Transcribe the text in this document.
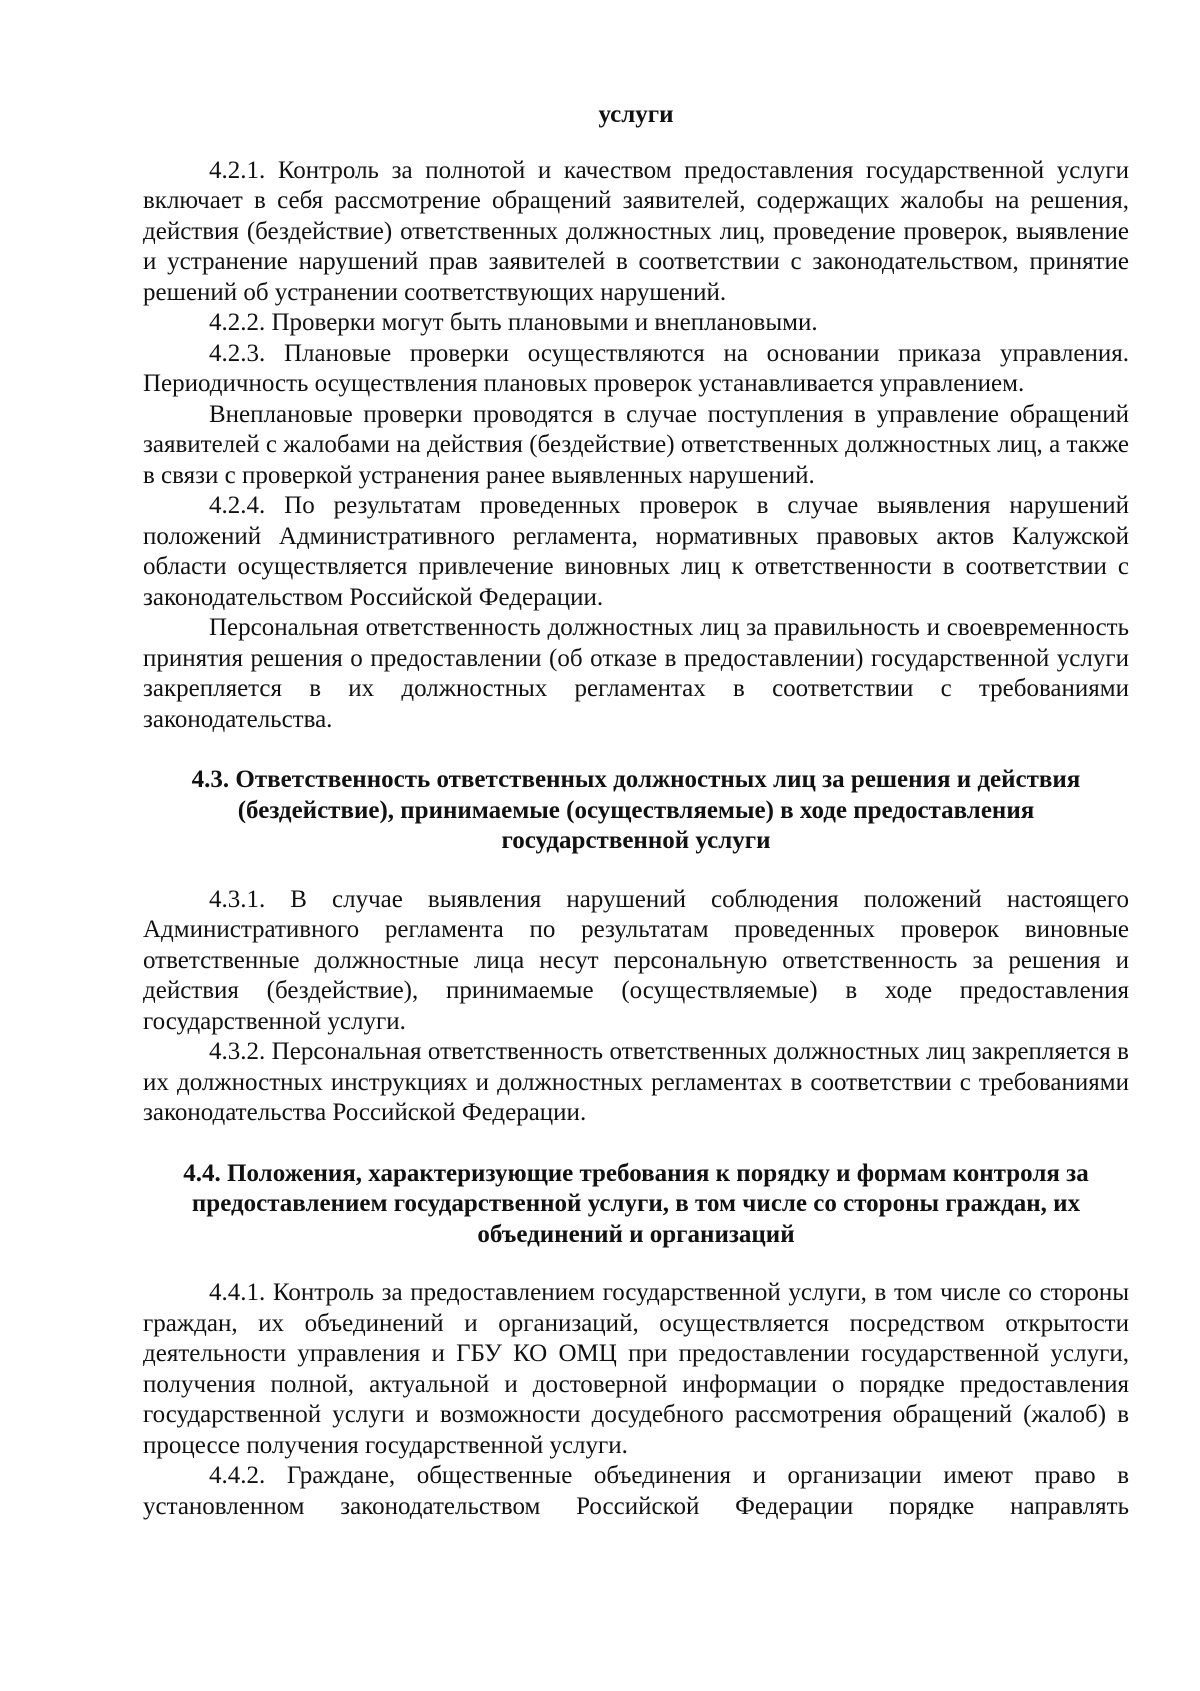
услуги

4.2.1. Контроль за полнотой и качеством предоставления государственной услуги включает в себя рассмотрение обращений заявителей, содержащих жалобы на решения, действия (бездействие) ответственных должностных лиц, проведение проверок, выявление и устранение нарушений прав заявителей в соответствии с законодательством, принятие решений об устранении соответствующих нарушений.

4.2.2. Проверки могут быть плановыми и внеплановыми.

4.2.3. Плановые проверки осуществляются на основании приказа управления. Периодичность осуществления плановых проверок устанавливается управлением.

Внеплановые проверки проводятся в случае поступления в управление обращений заявителей с жалобами на действия (бездействие) ответственных должностных лиц, а также в связи с проверкой устранения ранее выявленных нарушений.

4.2.4. По результатам проведенных проверок в случае выявления нарушений положений Административного регламента, нормативных правовых актов Калужской области осуществляется привлечение виновных лиц к ответственности в соответствии с законодательством Российской Федерации.

Персональная ответственность должностных лиц за правильность и своевременность принятия решения о предоставлении (об отказе в предоставлении) государственной услуги закрепляется в их должностных регламентах в соответствии с требованиями законодательства.

4.3. Ответственность ответственных должностных лиц за решения и действия (бездействие), принимаемые (осуществляемые) в ходе предоставления государственной услуги

4.3.1. В случае выявления нарушений соблюдения положений настоящего Административного регламента по результатам проведенных проверок виновные ответственные должностные лица несут персональную ответственность за решения и действия (бездействие), принимаемые (осуществляемые) в ходе предоставления государственной услуги.

4.3.2. Персональная ответственность ответственных должностных лиц закрепляется в их должностных инструкциях и должностных регламентах в соответствии с требованиями законодательства Российской Федерации.

4.4. Положения, характеризующие требования к порядку и формам контроля за предоставлением государственной услуги, в том числе со стороны граждан, их объединений и организаций

4.4.1. Контроль за предоставлением государственной услуги, в том числе со стороны граждан, их объединений и организаций, осуществляется посредством открытости деятельности управления и ГБУ КО ОМЦ при предоставлении государственной услуги, получения полной, актуальной и достоверной информации о порядке предоставления государственной услуги и возможности досудебного рассмотрения обращений (жалоб) в процессе получения государственной услуги.

4.4.2. Граждане, общественные объединения и организации имеют право в установленном законодательством Российской Федерации порядке направлять
